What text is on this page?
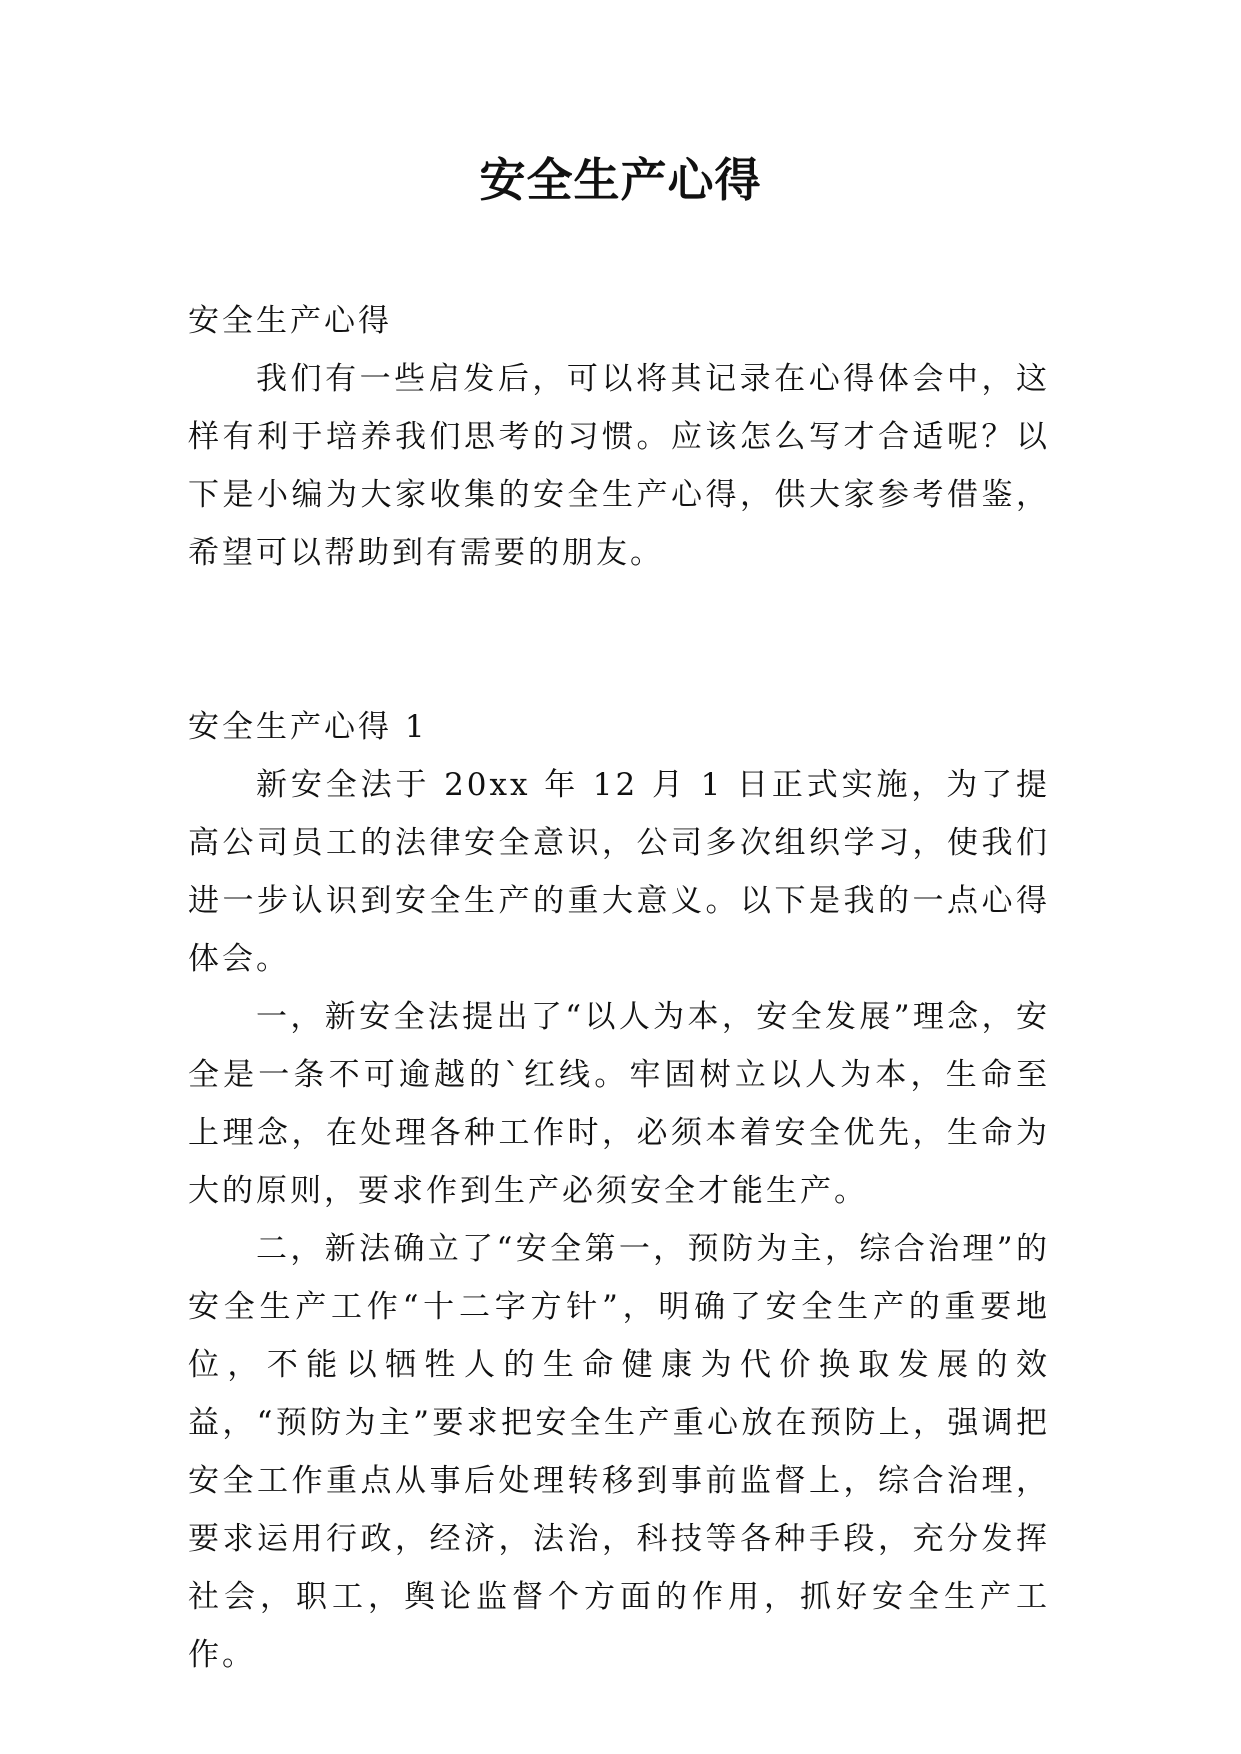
安全生产心得

安全生产心得

我们有一些启发后，可以将其记录在心得体会中，这样有利于培养我们思考的习惯。应该怎么写才合适呢？以下是小编为大家收集的安全生产心得，供大家参考借鉴，希望可以帮助到有需要的朋友。

安全生产心得 1

新安全法于 20xx 年 12 月 1 日正式实施，为了提高公司员工的法律安全意识，公司多次组织学习，使我们进一步认识到安全生产的重大意义。以下是我的一点心得体会。

一，新安全法提出了“以人为本，安全发展”理念，安全是一条不可逾越的`红线。牢固树立以人为本，生命至上理念，在处理各种工作时，必须本着安全优先，生命为大的原则，要求作到生产必须安全才能生产。

二，新法确立了“安全第一，预防为主，综合治理”的安全生产工作“十二字方针”，明确了安全生产的重要地位，不能以牺牲人的生命健康为代价换取发展的效益，“预防为主”要求把安全生产重心放在预防上，强调把安全工作重点从事后处理转移到事前监督上，综合治理，要求运用行政，经济，法治，科技等各种手段，充分发挥社会，职工，舆论监督个方面的作用，抓好安全生产工作。
